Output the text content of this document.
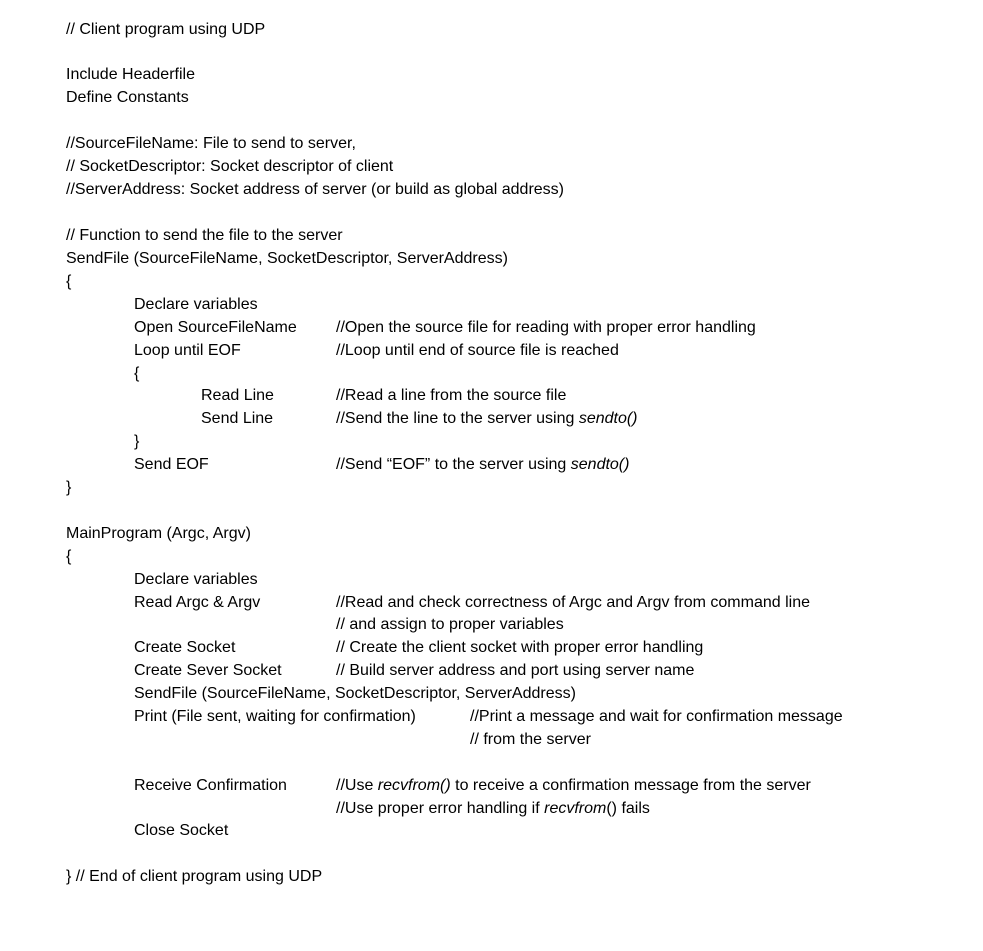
// Client program using UDP
Include Headerfile
Define Constants
//SourceFileName: File to send to server,
// SocketDescriptor: Socket descriptor of client
//ServerAddress: Socket address of server (or build as global address)
// Function to send the file to the server
SendFile (SourceFileName, SocketDescriptor, ServerAddress)
{
Declare variables
Open SourceFileName //Open the source file for reading with proper error handling
Loop until EOF	//Loop until end of source file is reached
{
Read Line	//Read a line from the source file
Send Line	//Send the line to the server using sendto()
}
Send EOF	//Send “EOF” to the server using sendto()
}
MainProgram (Argc, Argv)
{
Declare variables
Read Argc & Argv	//Read and check correctness of Argc and Argv from command line
// and assign to proper variables
Create Socket	// Create the client socket with proper error handling
Create Sever Socket	// Build server address and port using server name
SendFile (SourceFileName, SocketDescriptor, ServerAddress)
Print (File sent, waiting for confirmation)	//Print a message and wait for confirmation message
// from the server
Receive Confirmation	//Use recvfrom() to receive a confirmation message from the server
//Use proper error handling if recvfrom() fails
Close Socket
} // End of client program using UDP
